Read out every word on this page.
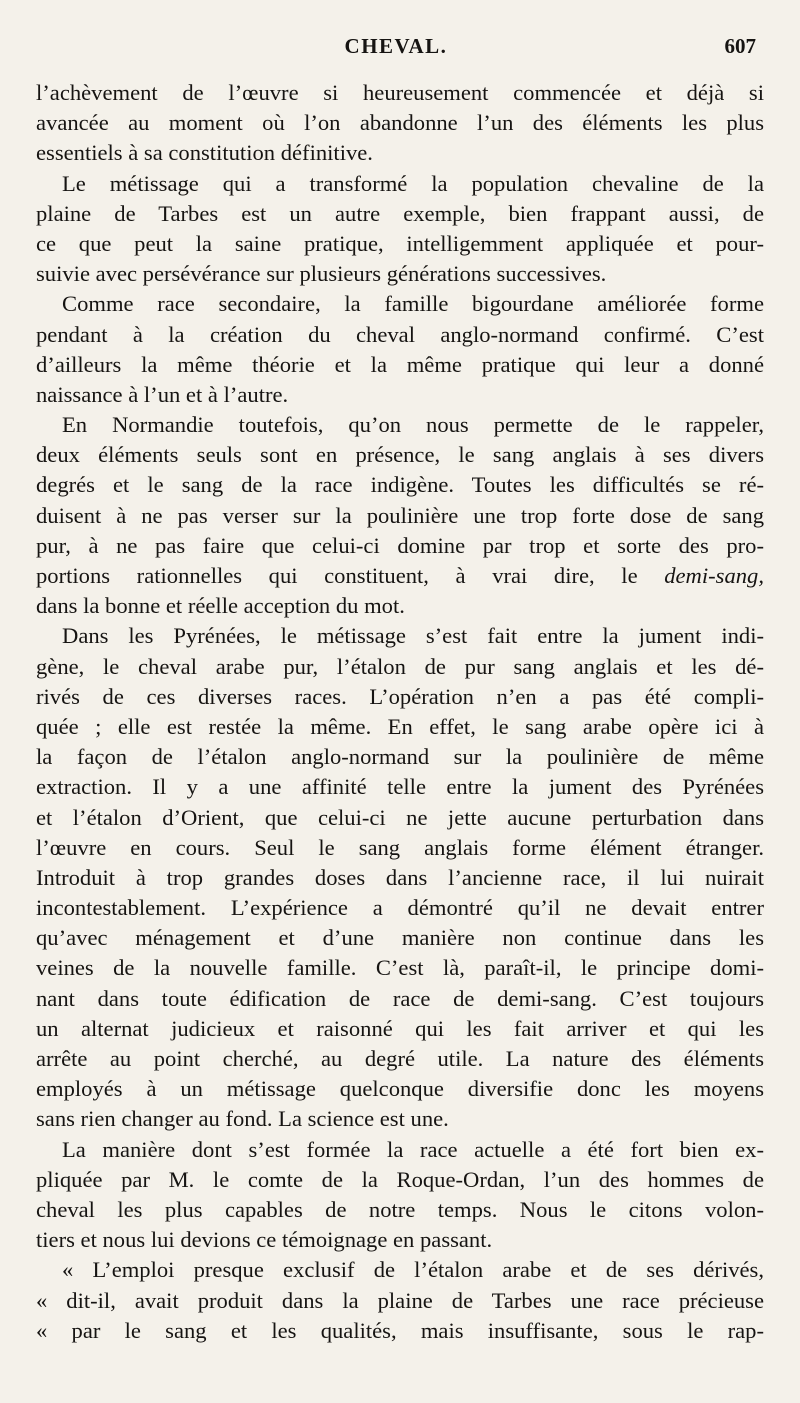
CHEVAL.	607

l’achèvement de l’œuvre si heureusement commencée et déjà si
avancée au moment où l’on abandonne l’un des éléments les plus
essentiels à sa constitution définitive.

Le métissage qui a transformé la population chevaline de la
plaine de Tarbes est un autre exemple, bien frappant aussi, de
ce que peut la saine pratique, intelligemment appliquée et pour-
suivie avec persévérance sur plusieurs générations successives.

Comme race secondaire, la famille bigourdane améliorée forme
pendant à la création du cheval anglo-normand confirmé. C’est
d’ailleurs la même théorie et la même pratique qui leur a donné
naissance à l’un et à l’autre.

En Normandie toutefois, qu’on nous permette de le rappeler,
deux éléments seuls sont en présence, le sang anglais à ses divers
degrés et le sang de la race indigène. Toutes les difficultés se ré-
duisent à ne pas verser sur la poulinière une trop forte dose de sang
pur, à ne pas faire que celui-ci domine par trop et sorte des pro-
portions rationnelles qui constituent, à vrai dire, le demi-sang,
dans la bonne et réelle acception du mot.

Dans les Pyrénées, le métissage s’est fait entre la jument indi-
gène, le cheval arabe pur, l’étalon de pur sang anglais et les dé-
rivés de ces diverses races. L’opération n’en a pas été compli-
quée ; elle est restée la même. En effet, le sang arabe opère ici à
la façon de l’étalon anglo-normand sur la poulinière de même
extraction. Il y a une affinité telle entre la jument des Pyrénées
et l’étalon d’Orient, que celui-ci ne jette aucune perturbation dans
l’œuvre en cours. Seul le sang anglais forme élément étranger.
Introduit à trop grandes doses dans l’ancienne race, il lui nuirait
incontestablement. L’expérience a démontré qu’il ne devait entrer
qu’avec ménagement et d’une manière non continue dans les
veines de la nouvelle famille. C’est là, paraît-il, le principe domi-
nant dans toute édification de race de demi-sang. C’est toujours
un alternat judicieux et raisonné qui les fait arriver et qui les
arrête au point cherché, au degré utile. La nature des éléments
employés à un métissage quelconque diversifie donc les moyens
sans rien changer au fond. La science est une.

La manière dont s’est formée la race actuelle a été fort bien ex-
pliquée par M. le comte de la Roque-Ordan, l’un des hommes de
cheval les plus capables de notre temps. Nous le citons volon-
tiers et nous lui devions ce témoignage en passant.

« L’emploi presque exclusif de l’étalon arabe et de ses dérivés,
« dit-il, avait produit dans la plaine de Tarbes une race précieuse
« par le sang et les qualités, mais insuffisante, sous le rap-
